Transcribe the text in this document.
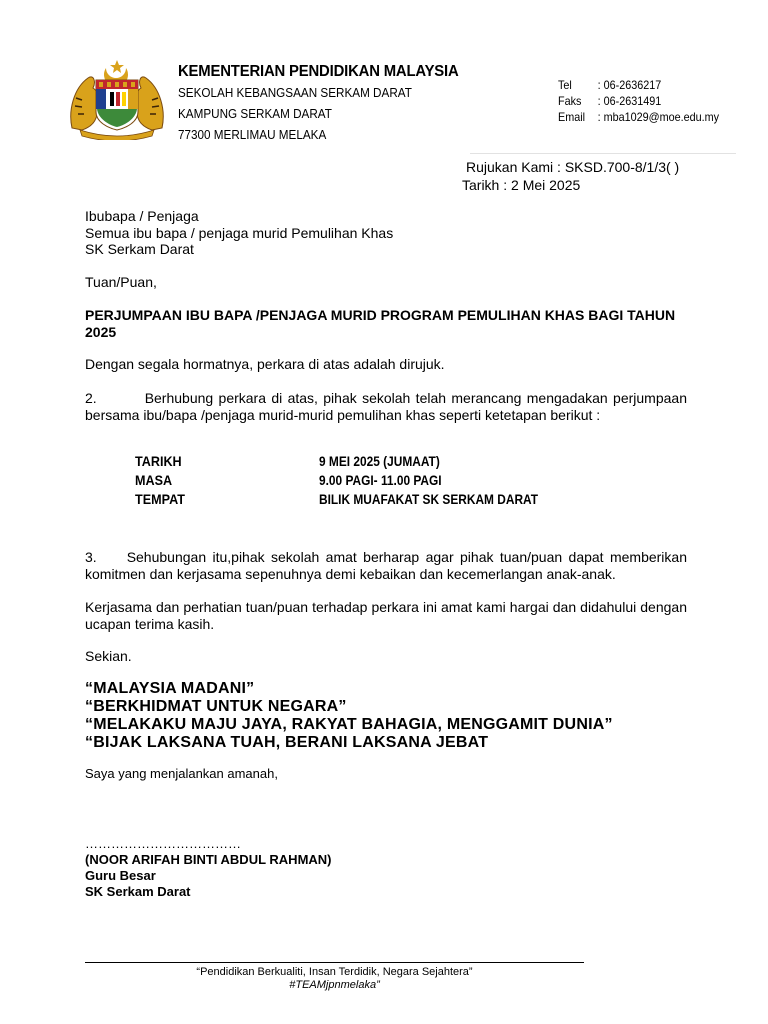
KEMENTERIAN PENDIDIKAN MALAYSIA
SEKOLAH KEBANGSAAN SERKAM DARAT
KAMPUNG SERKAM DARAT
77300 MERLIMAU MELAKA
Tel	: 06-2636217
Faks	: 06-2631491
Email	: mba1029@moe.edu.my
Rujukan Kami : SKSD.700-8/1/3( )
Tarikh : 2 Mei 2025
Ibubapa / Penjaga
Semua ibu bapa / penjaga murid Pemulihan Khas
SK Serkam Darat
Tuan/Puan,
PERJUMPAAN IBU BAPA /PENJAGA MURID PROGRAM PEMULIHAN KHAS BAGI TAHUN 2025
Dengan segala hormatnya, perkara di atas adalah dirujuk.
2.	Berhubung perkara di atas, pihak sekolah telah merancang mengadakan perjumpaan bersama ibu/bapa /penjaga murid-murid pemulihan khas seperti ketetapan berikut :
TARIKH	9 MEI 2025 (JUMAAT)
MASA	9.00 PAGI- 11.00 PAGI
TEMPAT	BILIK MUAFAKAT SK SERKAM DARAT
3. Sehubungan itu,pihak sekolah amat berharap agar pihak tuan/puan dapat memberikan komitmen dan kerjasama sepenuhnya demi kebaikan dan kecemerlangan anak-anak.
Kerjasama dan perhatian tuan/puan terhadap perkara ini amat kami hargai dan didahului dengan ucapan terima kasih.
Sekian.
“MALAYSIA MADANI”
“BERKHIDMAT UNTUK NEGARA”
“MELAKAKU MAJU JAYA, RAKYAT BAHAGIA, MENGGAMIT DUNIA”
“BIJAK LAKSANA TUAH, BERANI LAKSANA JEBAT
Saya yang menjalankan amanah,
………………………………
(NOOR ARIFAH BINTI ABDUL RAHMAN)
Guru Besar
SK Serkam Darat
“Pendidikan Berkualiti, Insan Terdidik, Negara Sejahtera”
#TEAMjpnmelaka”
